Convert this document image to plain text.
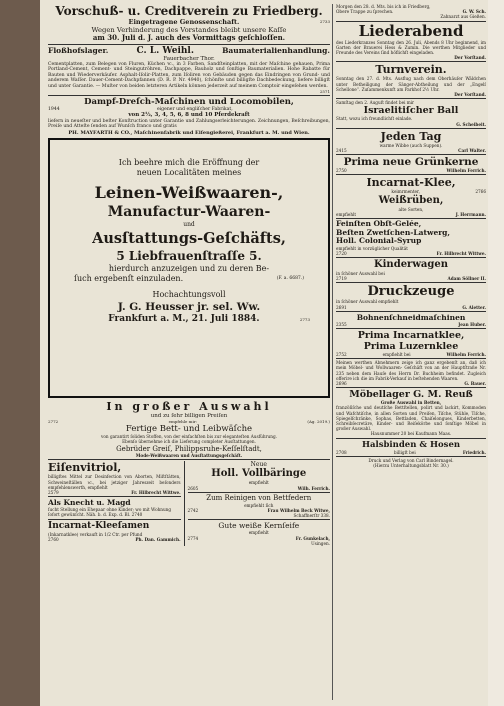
Vorschuß- u. Creditverein zu Friedberg.
Eingetragene Genossenschaft.	2733
Wegen Verhinderung des Vorstandes bleibt unsere Kaſſe
am 30. Juli d. J. auch des Vormittags geſchloſſen.
Floßhofslager.	C. L. Weihl.	Baumaterialienhandlung.
Fauerbacher Thor.
Cementplatten, zum Belegen von Fluren, Küchen ꝛc., in 3 Farben, Sandſteinplatten, mit der Maſchine gehauen, Prima Portland-Cement, Cement- und Steingutröhren, Dachpappe, Bauholz und ſonſtige Baumaterialien. Hohe Rabatte für Bauten und Wiederverkäufer. Asphalt-Iſolir-Platten, zum Iſoliren von Gebäuden gegen das Eindringen von Grund- und anderem Waſſer. Dauer-Cement-Dachpfannen (D. R. P. Nr. 4940), ſchönſte und billigſte Dachbedeckung, liefere billigſt und unter Garantie. — Muſter von beiden letzteren Artikeln können jederzeit auf meinem Comptoir eingeſehen werden.
2571
Dampf-Dreſch-Maſchinen und Locomobilen,
1944	eigener und engliſcher Fabrikat,
von 2½, 3, 4, 5, 6, 8 und 10 Pferdekraft
liefern in neueſter und beſter Konſtruction unter Garantie und Zahlungserleichterungen. Zeichnungen, Beſchreibungen, Preiſe und Atteſte ſenden auf Wunſch franco und gratis
PH. MAYFARTH & CO., Maſchinenfabrik und Eiſengießerei, Frankfurt a. M. und Wien.
Ich beehre mich die Eröffnung der
neuen Localitäten meines
Leinen-Weißwaaren-,
Manufactur-Waaren-
und
Ausſtattungs-Geſchäfts,
5 Liebfrauenſtraſſe 5.
hierdurch anzuzeigen und zu deren Be-
ſuch ergebenſt einzuladen.	(F. a. 6687.)
Hochachtungsvoll
J. G. Heusser jr. sel. Ww.
Frankfurt a. M., 21. Juli 1884.	2773
In großer Auswahl
und zu ſehr billigen Preiſen
2772	empfehle mir:	(Ag. 2019.)
Fertige Bett- und Leibwäſche
von garantirt ſoliden Stoffen, von der einfachſten bis zur eleganteſten Ausführung.
Ebenſo übernehme ich die Lieferung completer Ausſtattungen.
Gebrüder Greiſ, Philippsruhe-Keſſelſtadt,
Mode-Weißwaaren und Ausſtattungsgeſchäft.
Eiſenvitriol,
billigſtes Mittel zur Desinfection von Aborten, Miſtſtätten, Schweineſtällen ꝛc., bei jetziger Jahreszeit beſonders empfehlenswerth, empfiehlt
2579	Fr. Hilbrecht Wittwe.
Als Knecht u. Magd
ſucht Stellung ein Ehepaar ohne Kinder; wo mit Wohnung ſofort gewünſcht. Näh. b. d. Exp. d. Bl. 2740
Incarnat-Kleeſamen
(Inkarnatklee) verkauft in 1/2 Ctr. per Pfund
2760	Ph. Dan. Gammich.
Neue
Holl. Vollbäringe
empfiehlt
2605	Wilh. Ferrich.
Zum Reinigen von Bettfedern
empfiehlt ſich
2742	Frau Wilhelm Beck Witwe,
Schaffnerſtr 338.
Gute weiße Kernſeife
empfiehlt
2774	Fr. Gunkelach,
Usingen.
Morgen den 28. d. Mts. bis ich in Friedberg,
Obere Trappe zu ſprechen.	G. W. Sch.
Zahnarzt aus Gießen.
Liederabend
des Liederkranzes Sonntag den 26. Juli, Abends 8 Uhr beginnend, im Garten der Brauerei Hess & Zumin. Die werthen Mitglieder und Freunde des Vereins ſind höflichſt eingeladen.
Der Vorſtand.
Turnverein.
Sonntag den 27. d. Mts. Ausflug nach dem Oberhäuſer Wäldchen unter Betheiligung der Sänger-Abtheilung und der „Engelſ Schellone“. Zuſammenkunft am Parkhof 2½ Uhr.
Der Vorſtand.
Samſtag den 2. Auguſt findet bei mir
Israelitiſcher Ball
Statt, wozu ich freundlichſt einlade.
G. Scheibeit.
Jeden Tag
warme Wibbe (auch Suppen).
2415	Carl Walter.
Prima neue Grünkerne
2750	Wilhelm Ferrich.
Incarnat-Klee,
keimrmenter,	2766
Weißrüben,
alte Sorten,
empfiehlt	J. Herrmann.
Feinſten Obſt-Gelée,
Beſten Zwetſchen-Latwerg,
Holl. Colonial-Syrup
empfiehlt in vorzüglicher Qualität
2720	Fr. Hilbrecht Wittwe.
Kinderwagen
in ſchöner Auswahl bei
2719	Adam Söllner II.
Druckzeuge
in ſchöner Auswahl empfiehlt
2691	G. Aletter.
Bohnenſchneidmaſchinen
2355	Jean Huber.
Prima Incarnatklee,
Prima Luzernklee
2752	empfiehlt bei	Wilhelm Ferrich.
Meinen werthen Abnehmern zeige ich ganz ergebenſt an, daß ich mein Möbel- und Wollwaaren- Geſchäft von an der Hauptſtraße Nr. 235 neben dem Hauſe des Herrn Dr. Buchheim befindet. Zugleich offerire ich die im Fabrik-Verkauf in beſtehenden Waaren.
2696	G. Bauer.
Möbellager G. M. Reuß
Große Auswahl in Betten,
franzöſiſche und deutſche Bettſtellen, polirt und lackirt, Kommoden und Wafchtiſche, in allen Sorten und Preiſen, Tiſche, Stühle, Tiſche, Spiegelſchränke, Sophas, Bettladen, Chaiſelongues, Kinderbetten, Schreibſecretäre, Kinder- und Reiſekörbe und ſonſtige Möbel in großer Auswahl.
Hausnummer 20 bei Kaufmann Maas.
Halsbinden & Hosen
2708	billigſt bei	Friedrich.
Druck und Verlag von Carl Bindernagel.
(Hierzu Unterhaltungsblatt Nr. 30.)
